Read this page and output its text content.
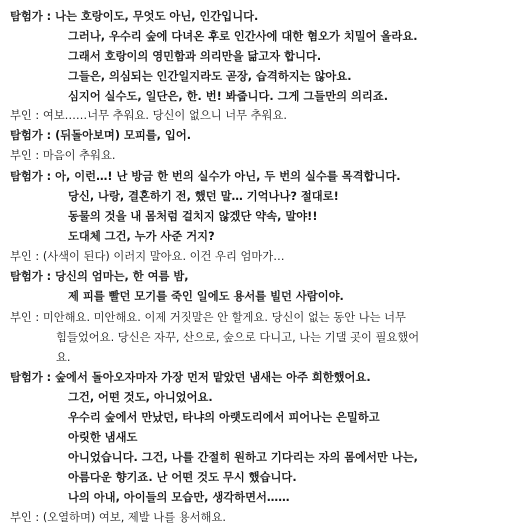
탐험가 : 나는 호랑이도, 무엇도 아닌, 인간입니다.
그러나, 우수리 숲에 다녀온 후로 인간사에 대한 혐오가 치밀어 올라요.
그래서 호랑이의 영민함과 의리만을 닮고자 합니다.
그들은, 의심되는 인간일지라도 곧장, 습격하지는 않아요.
심지어 실수도, 일단은, 한. 번! 봐줍니다. 그게 그들만의 의리죠.
부인 : 여보……너무 추워요. 당신이 없으니 너무 추워요.
탐험가 : (뒤돌아보며) 모피를, 입어.
부인 : 마음이 추워요.
탐험가 : 아, 이런…! 난 방금 한 번의 실수가 아닌, 두 번의 실수를 목격합니다.
당신, 나랑, 결혼하기 전, 했던 말… 기억나나? 절대로!
동물의 것을 내 몸처럼 걸치지 않겠단 약속, 말야!!
도대체 그건, 누가 사준 거지?
부인 : (사색이 된다) 이러지 말아요. 이건 우리 엄마가…
탐험가 : 당신의 엄마는, 한 여름 밤,
제 피를 빨던 모기를 죽인 일에도 용서를 빌던 사람이야.
부인 : 미안해요. 미안해요. 이제 거짓말은 안 할게요. 당신이 없는 동안 나는 너무
힘들었어요. 당신은 자꾸, 산으로, 숲으로 다니고, 나는 기댈 곳이 필요했어
요.
탐험가 : 숲에서 돌아오자마자 가장 먼저 맡았던 냄새는 아주 희한했어요.
그건, 어떤 것도, 아니었어요.
우수리 숲에서 만났던, 타냐의 아랫도리에서 피어나는 은밀하고
아릿한 냄새도
아니었습니다. 그건, 나를 간절히 원하고 기다리는 자의 몸에서만 나는,
아름다운 향기죠. 난 어떤 것도 무시 했습니다.
나의 아내, 아이들의 모습만, 생각하면서……
부인 : (오열하며) 여보, 제발 나를 용서해요.
